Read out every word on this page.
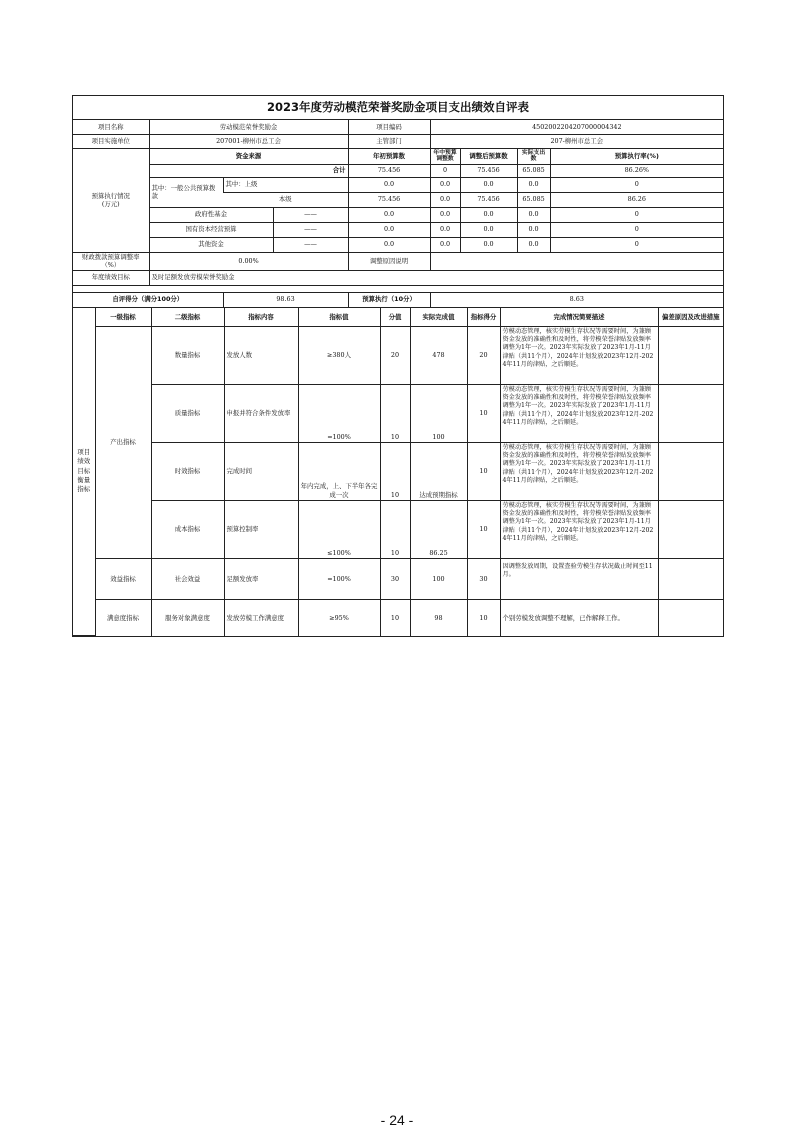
2023年度劳动模范荣誉奖励金项目支出绩效自评表
项目名称	劳动模范荣誉奖励金			项目编码	45020022042070000043​42			
项目实施单位	207001-柳州市总工会			主管部门	207-柳州市总工会			
预算执行情况
(万元)	资金来源			年初预算数	年中预算调整数	调整后预算数	实际支出数	预算执行率(%)
	合计			75.456	0	75.456	65.085	86.26%
	其中：一般公共预算拨款	其中：上级		0.0	0.0	0.0	0.0	0
		本级		75.456	0.0	75.456	65.085	86.26
	政府性基金		——	0.0	0.0	0.0	0.0	0
	国有资本经营预算		——	0.0	0.0	0.0	0.0	0
	其他资金		——	0.0	0.0	0.0	0.0	0
财政拨款预算调整率（%）	0.00%			调整原因说明				
年度绩效目标	及时足额发放劳模荣誉奖励金							

自评得分（满分100分）		98.63		预算执行（10分）	8.63			
项目绩效目标衡量指标	一级指标	二级指标	指标内容	指标值	分值	实际完成值	指标得分	完成情况简要描述	偏差原因及改进措施
	产出指标	数量指标	发放人数	≥380人	20	478	20	劳模动态管理，核实劳模生存状况等需要时间，为兼顾资金发放的准确性和及时性，将劳模荣誉津贴发放频率调整为1年一次。2023年实际发放了2023年1月-11月津贴（共11个月），2024年计划发放2023年12月-2024年11月的津贴，之后顺延。	
		质量指标	申报并符合条件发放率	=100%	10	100	10	劳模动态管理，核实劳模生存状况等需要时间，为兼顾资金发放的准确性和及时性，将劳模荣誉津贴发放频率调整为1年一次。2023年实际发放了2023年1月-11月津贴（共11个月），2024年计划发放2023年12月-2024年11月的津贴，之后顺延。	
		时效指标	完成时间	年内完成，上、下半年各完成一次	10	达成预期指标	10	劳模动态管理，核实劳模生存状况等需要时间，为兼顾资金发放的准确性和及时性，将劳模荣誉津贴发放频率调整为1年一次。2023年实际发放了2023年1月-11月津贴（共11个月），2024年计划发放2023年12月-2024年11月的津贴，之后顺延。	
		成本指标	预算控制率	≤100%	10	86.25	10	劳模动态管理，核实劳模生存状况等需要时间，为兼顾资金发放的准确性和及时性，将劳模荣誉津贴发放频率调整为1年一次。2023年实际发放了2023年1月-11月津贴（共11个月），2024年计划发放2023年12月-2024年11月的津贴，之后顺延。	
	效益指标	社会效益	足额发放率	=100%	30	100	30	因调整发放周期，设置查验劳模生存状况截止时间至11月。	
	满意度指标	服务对象满意度	发放劳模工作满意度	≥95%	10	98	10	个别劳模发放调整不理解，已作解释工作。	
- 24 -
